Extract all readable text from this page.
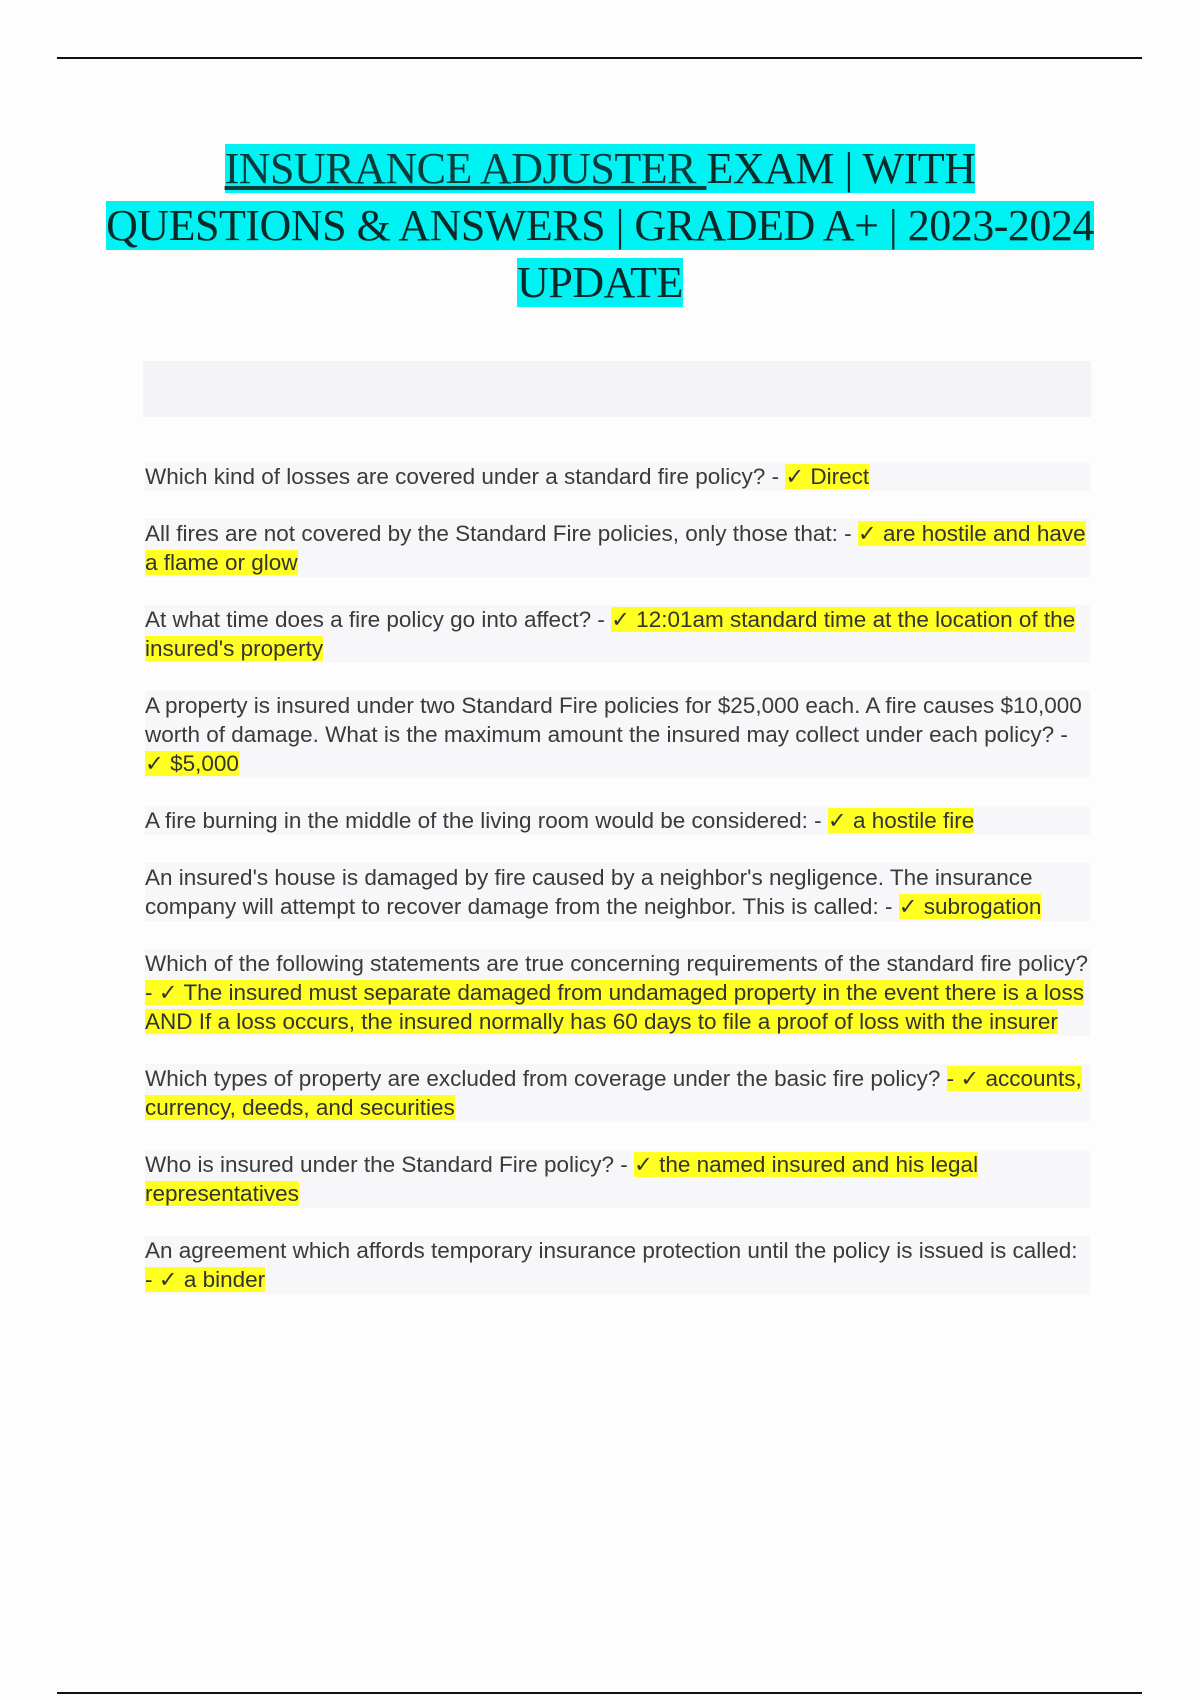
INSURANCE ADJUSTER EXAM | WITH
QUESTIONS & ANSWERS | GRADED A+ | 2023-2024
UPDATE
Which kind of losses are covered under a standard fire policy? - ✓ Direct
All fires are not covered by the Standard Fire policies, only those that: - ✓ are hostile and have a flame or glow
At what time does a fire policy go into affect? - ✓ 12:01am standard time at the location of the insured's property
A property is insured under two Standard Fire policies for $25,000 each. A fire causes $10,000 worth of damage. What is the maximum amount the insured may collect under each policy? - ✓ $5,000
A fire burning in the middle of the living room would be considered: - ✓ a hostile fire
An insured's house is damaged by fire caused by a neighbor's negligence. The insurance company will attempt to recover damage from the neighbor. This is called: - ✓ subrogation
Which of the following statements are true concerning requirements of the standard fire policy? - ✓ The insured must separate damaged from undamaged property in the event there is a loss AND If a loss occurs, the insured normally has 60 days to file a proof of loss with the insurer
Which types of property are excluded from coverage under the basic fire policy? - ✓ accounts, currency, deeds, and securities
Who is insured under the Standard Fire policy? - ✓ the named insured and his legal representatives
An agreement which affords temporary insurance protection until the policy is issued is called: - ✓ a binder
